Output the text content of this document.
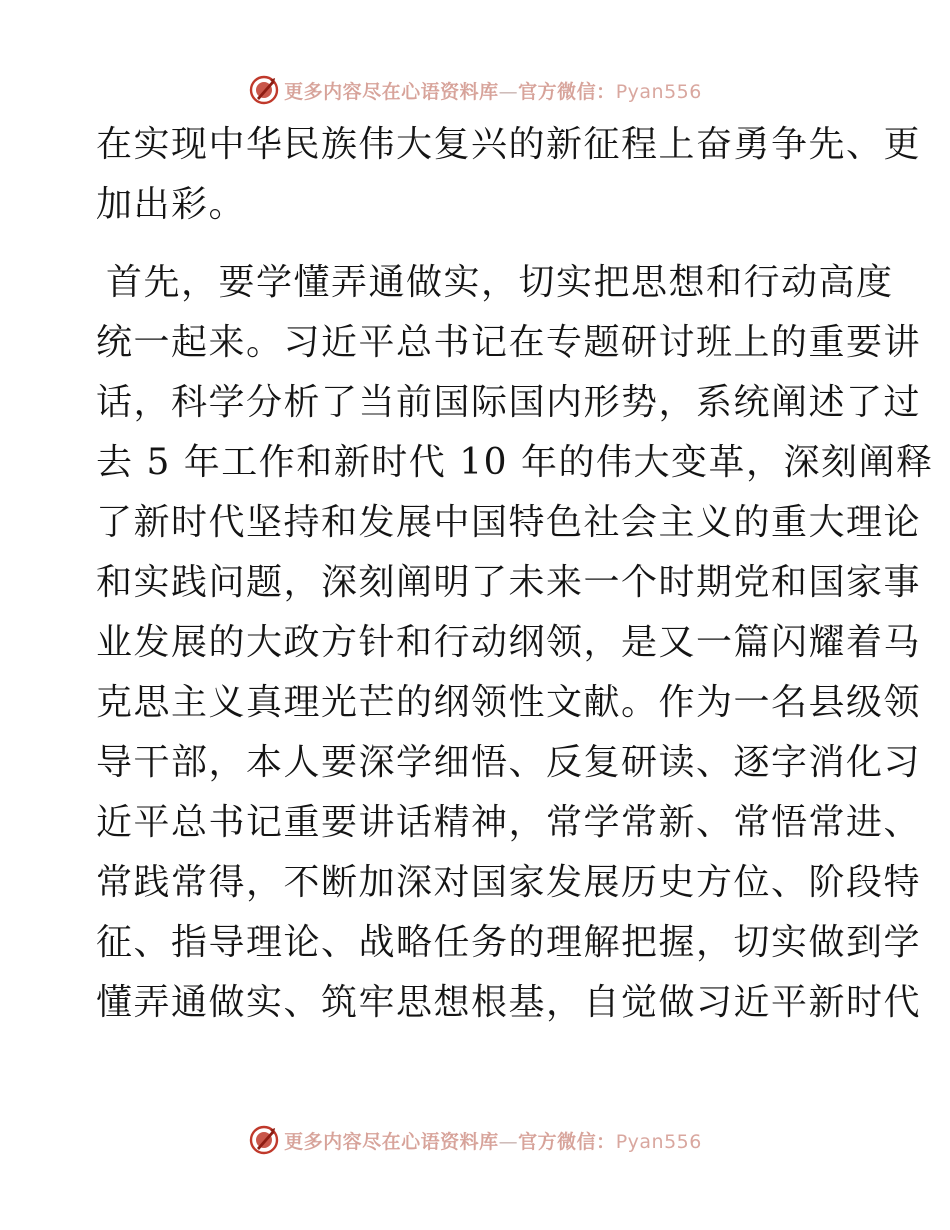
更多内容尽在心语资料库—官方微信：Pyan556
在实现中华民族伟大复兴的新征程上奋勇争先、更
加出彩。
首先，要学懂弄通做实，切实把思想和行动高度
统一起来。习近平总书记在专题研讨班上的重要讲
话，科学分析了当前国际国内形势，系统阐述了过
去 5 年工作和新时代 10 年的伟大变革，深刻阐释
了新时代坚持和发展中国特色社会主义的重大理论
和实践问题，深刻阐明了未来一个时期党和国家事
业发展的大政方针和行动纲领，是又一篇闪耀着马
克思主义真理光芒的纲领性文献。作为一名县级领
导干部，本人要深学细悟、反复研读、逐字消化习
近平总书记重要讲话精神，常学常新、常悟常进、
常践常得，不断加深对国家发展历史方位、阶段特
征、指导理论、战略任务的理解把握，切实做到学
懂弄通做实、筑牢思想根基，自觉做习近平新时代
更多内容尽在心语资料库—官方微信：Pyan556
